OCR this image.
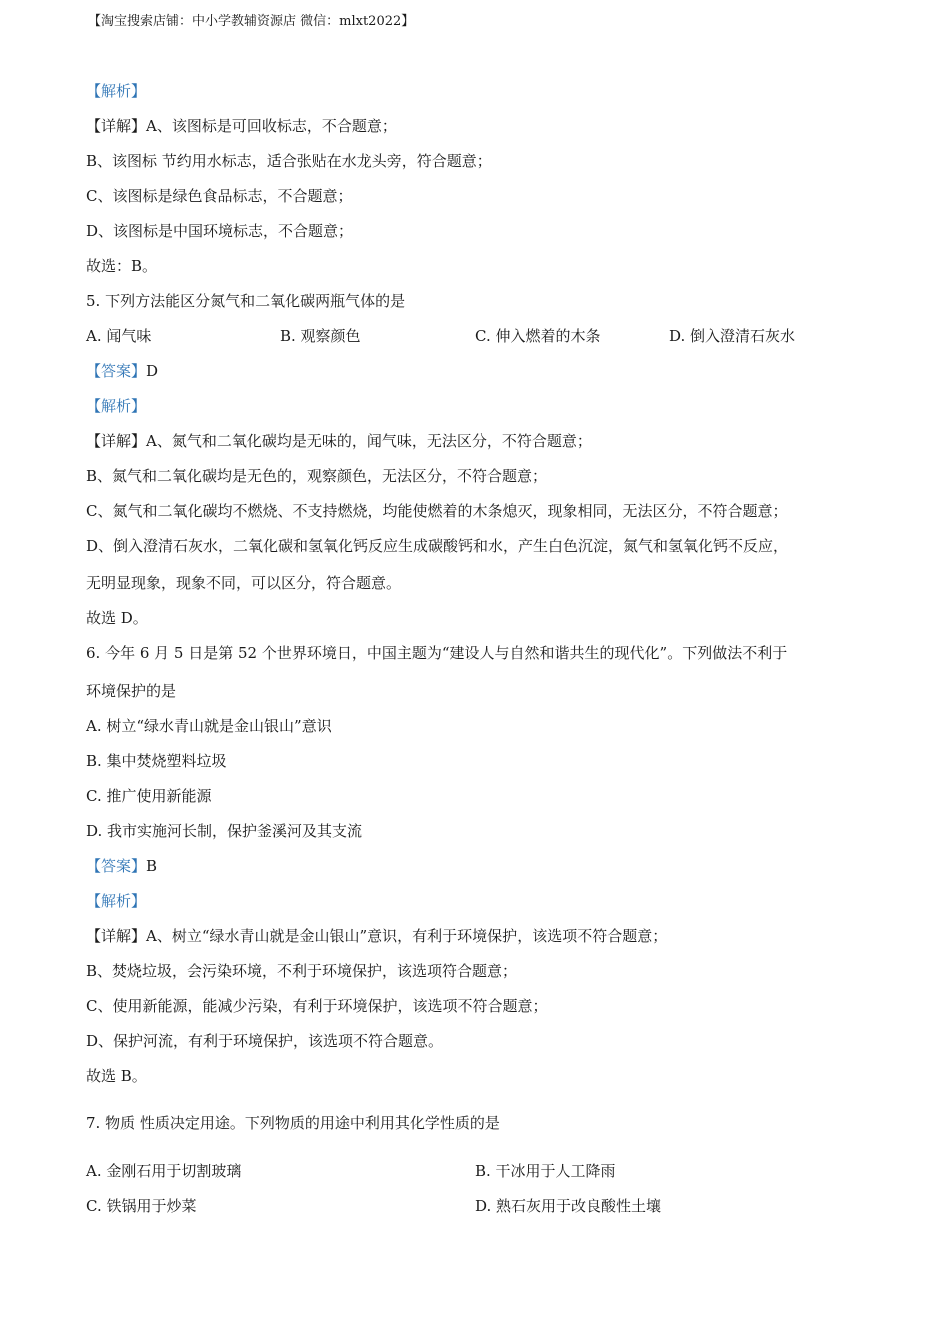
【淘宝搜索店铺：中小学教辅资源店 微信：mlxt2022】
【解析】
【详解】A、该图标是可回收标志，不合题意；
B、该图标 节约用水标志，适合张贴在水龙头旁，符合题意；
C、该图标是绿色食品标志，不合题意；
D、该图标是中国环境标志，不合题意；
故选：B。
5. 下列方法能区分氮气和二氧化碳两瓶气体的是
A. 闻气味	B. 观察颜色	C. 伸入燃着的木条	D. 倒入澄清石灰水
【答案】D
【解析】
【详解】A、氮气和二氧化碳均是无味的，闻气味，无法区分，不符合题意；
B、氮气和二氧化碳均是无色的，观察颜色，无法区分，不符合题意；
C、氮气和二氧化碳均不燃烧、不支持燃烧，均能使燃着的木条熄灭，现象相同，无法区分，不符合题意；
D、倒入澄清石灰水，二氧化碳和氢氧化钙反应生成碳酸钙和水，产生白色沉淀，氮气和氢氧化钙不反应，
无明显现象，现象不同，可以区分，符合题意。
故选 D。
6. 今年 6 月 5 日是第 52 个世界环境日，中国主题为“建设人与自然和谐共生的现代化”。下列做法不利于
环境保护的是
A. 树立“绿水青山就是金山银山”意识
B. 集中焚烧塑料垃圾
C. 推广使用新能源
D. 我市实施河长制，保护釜溪河及其支流
【答案】B
【解析】
【详解】A、树立“绿水青山就是金山银山”意识，有利于环境保护，该选项不符合题意；
B、焚烧垃圾，会污染环境，不利于环境保护，该选项符合题意；
C、使用新能源，能减少污染，有利于环境保护，该选项不符合题意；
D、保护河流，有利于环境保护，该选项不符合题意。
故选 B。
7. 物质 性质决定用途。下列物质的用途中利用其化学性质的是
A. 金刚石用于切割玻璃	B. 干冰用于人工降雨
C. 铁锅用于炒菜	D. 熟石灰用于改良酸性土壤
